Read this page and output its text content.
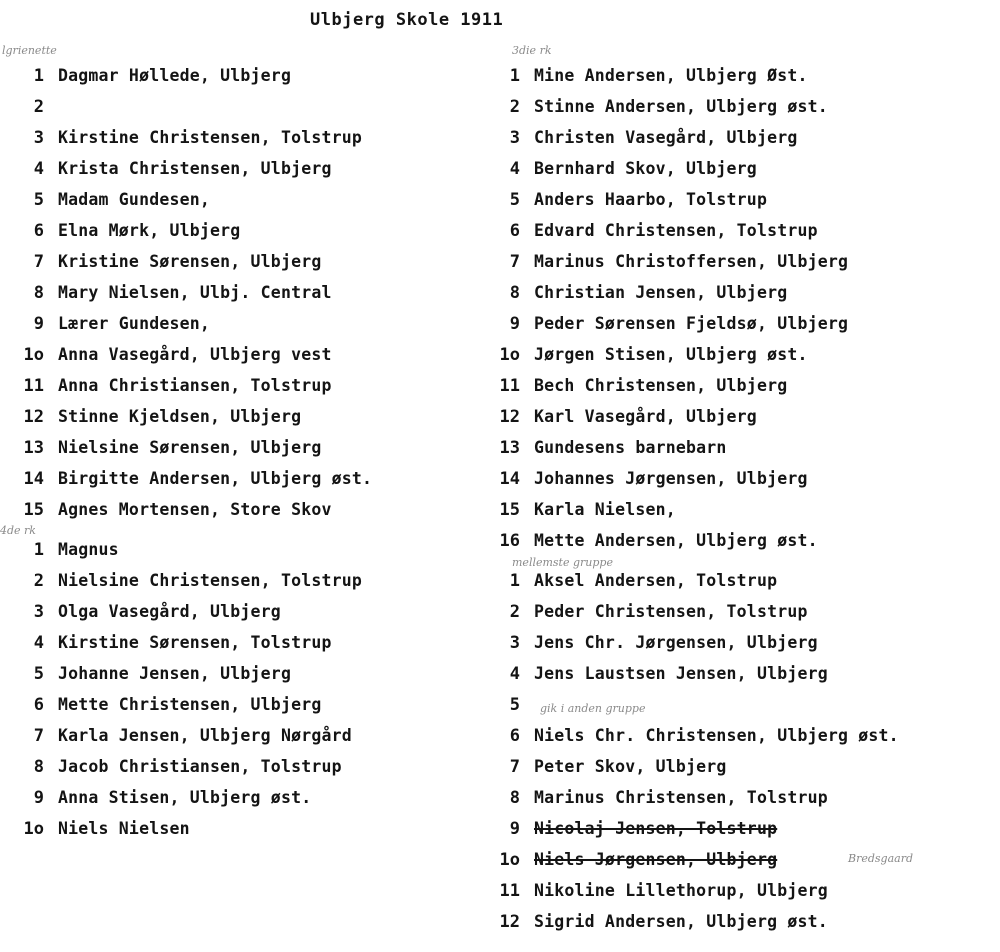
Ulbjerg Skole 1911
lgrienette	3die rk
4de rk
mellemste gruppe
gik i anden gruppe
Bredsgaard
1 Dagmar Høllede, Ulbjerg
2
3 Kirstine Christensen, Tolstrup
4 Krista Christensen, Ulbjerg
5 Madam Gundesen,
6 Elna Mørk, Ulbjerg
7 Kristine Sørensen, Ulbjerg
8 Mary Nielsen, Ulbj. Central
9 Lærer Gundesen,
1o Anna Vasegård, Ulbjerg vest
11 Anna Christiansen, Tolstrup
12 Stinne Kjeldsen, Ulbjerg
13 Nielsine Sørensen, Ulbjerg
14 Birgitte Andersen, Ulbjerg øst.
15 Agnes Mortensen, Store Skov
1 Mine Andersen, Ulbjerg Øst.
2 Stinne Andersen, Ulbjerg øst.
3 Christen Vasegård, Ulbjerg
4 Bernhard Skov, Ulbjerg
5 Anders Haarbo, Tolstrup
6 Edvard Christensen, Tolstrup
7 Marinus Christoffersen, Ulbjerg
8 Christian Jensen, Ulbjerg
9 Peder Sørensen Fjeldsø, Ulbjerg
1o Jørgen Stisen, Ulbjerg øst.
11 Bech Christensen, Ulbjerg
12 Karl Vasegård, Ulbjerg
13 Gundesens barnebarn
14 Johannes Jørgensen, Ulbjerg
15 Karla Nielsen,
16 Mette Andersen, Ulbjerg øst.
1 Magnus
2 Nielsine Christensen, Tolstrup
3 Olga Vasegård, Ulbjerg
4 Kirstine Sørensen, Tolstrup
5 Johanne Jensen, Ulbjerg
6 Mette Christensen, Ulbjerg
7 Karla Jensen, Ulbjerg Nørgård
8 Jacob Christiansen, Tolstrup
9 Anna Stisen, Ulbjerg øst.
1o Niels Nielsen
1 Aksel Andersen, Tolstrup
2 Peder Christensen, Tolstrup
3 Jens Chr. Jørgensen, Ulbjerg
4 Jens Laustsen Jensen, Ulbjerg
5
6 Niels Chr. Christensen, Ulbjerg øst.
7 Peter Skov, Ulbjerg
8 Marinus Christensen, Tolstrup
9 Nicolaj Jensen, Tolstrup
1o Niels Jørgensen, Ulbjerg
11 Nikoline Lillethorup, Ulbjerg
12 Sigrid Andersen, Ulbjerg øst.
